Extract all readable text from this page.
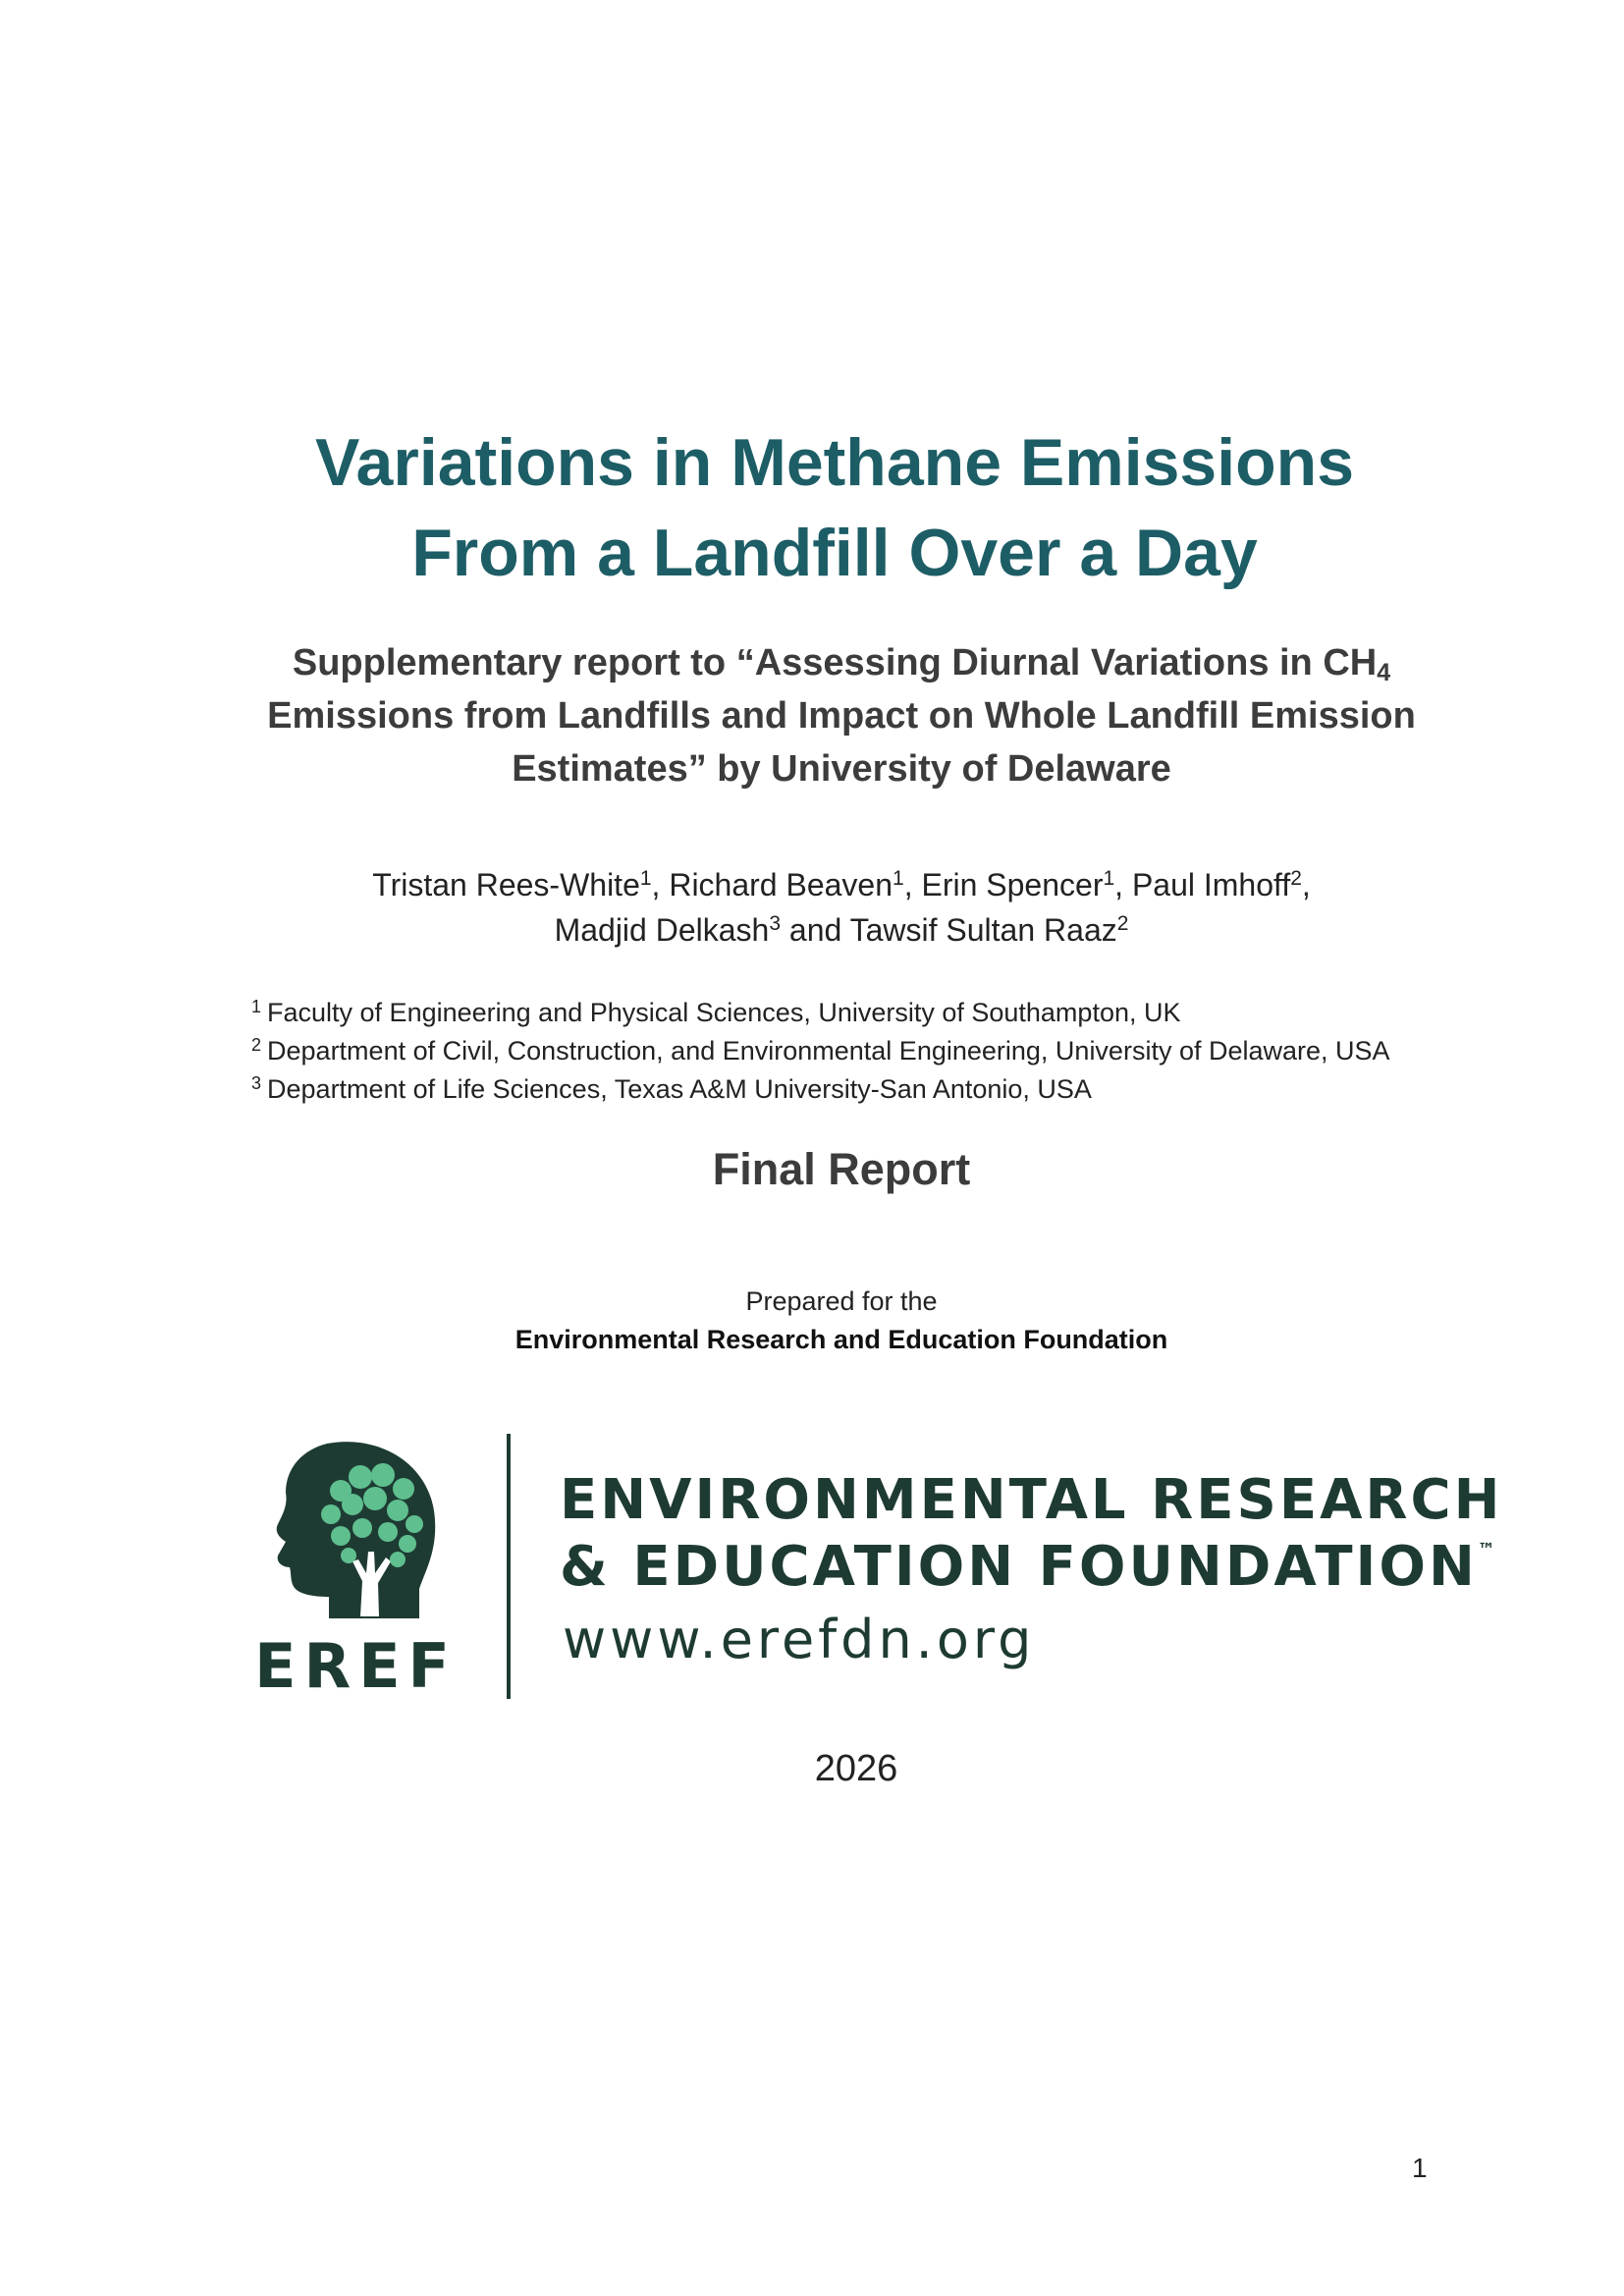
Variations in Methane Emissions
From a Landfill Over a Day
Supplementary report to “Assessing Diurnal Variations in $CH_4$
Emissions from Landfills and Impact on Whole Landfill Emission
Estimates” by University of Delaware
Tristan Rees-White$^1$, Richard Beaven$^1$, Erin Spencer$^1$, Paul Imhoff$^2$,
Madjid Delkash$^3$ and Tawsif Sultan Raaz$^2$
$^1$ Faculty of Engineering and Physical Sciences, University of Southampton, UK
$^2$ Department of Civil, Construction, and Environmental Engineering, University of Delaware, USA
$^3$ Department of Life Sciences, Texas A&M University-San Antonio, USA
Final Report
Prepared for the
Environmental Research and Education Foundation
EREF
ENVIRONMENTAL RESEARCH
& EDUCATION FOUNDATION™
www.erefdn.org
2026
1
